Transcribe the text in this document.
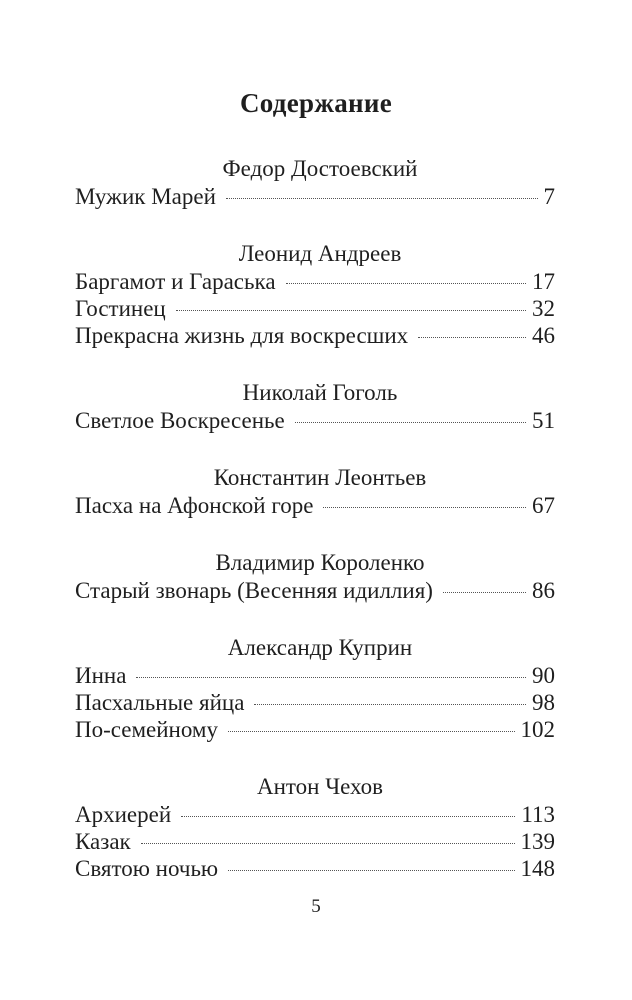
Содержание
Федор Достоевский
Мужик Марей	7
Леонид Андреев
Баргамот и Гараська	17
Гостинец	32
Прекрасна жизнь для воскресших	46
Николай Гоголь
Светлое Воскресенье	51
Константин Леонтьев
Пасха на Афонской горе	67
Владимир Короленко
Старый звонарь (Весенняя идиллия)	86
Александр Куприн
Инна	90
Пасхальные яйца	98
По-семейному	102
Антон Чехов
Архиерей	113
Казак	139
Святою ночью	148
5
